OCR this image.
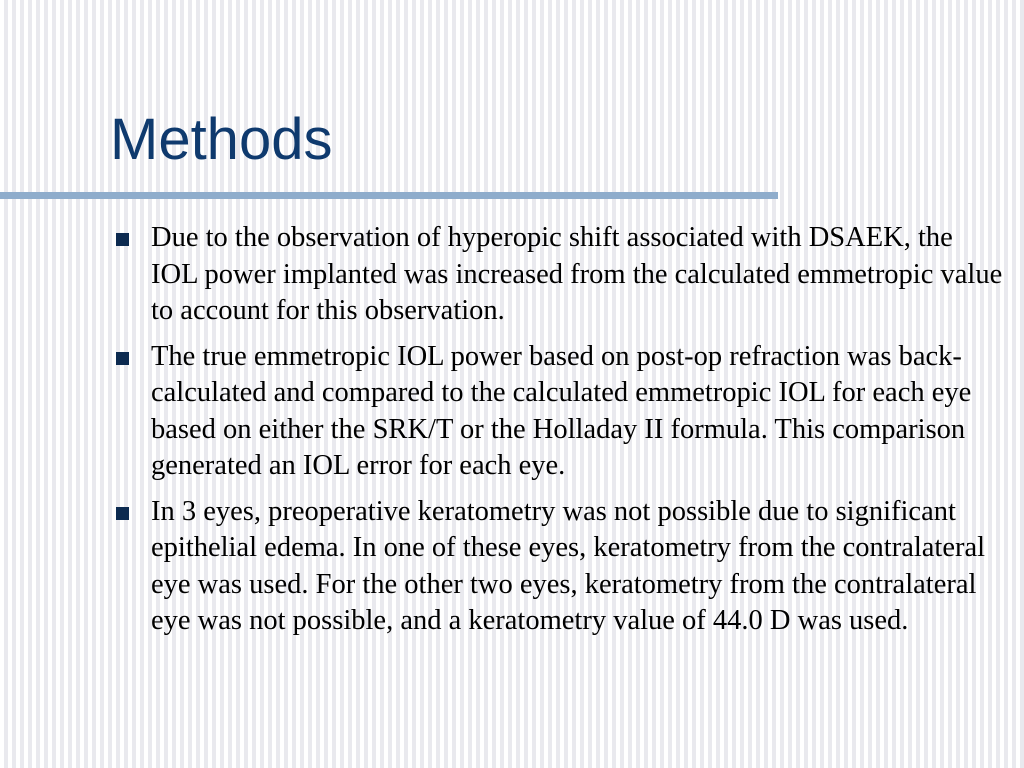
Methods
Due to the observation of hyperopic shift associated with DSAEK, the IOL power implanted was increased from the calculated emmetropic value to account for this observation.
The true emmetropic IOL power based on post-op refraction was back-calculated and compared to the calculated emmetropic IOL for each eye based on either the SRK/T or the Holladay II formula. This comparison generated an IOL error for each eye.
In 3 eyes, preoperative keratometry was not possible due to significant epithelial edema. In one of these eyes, keratometry from the contralateral eye was used. For the other two eyes, keratometry from the contralateral eye was not possible, and a keratometry value of 44.0 D was used.
